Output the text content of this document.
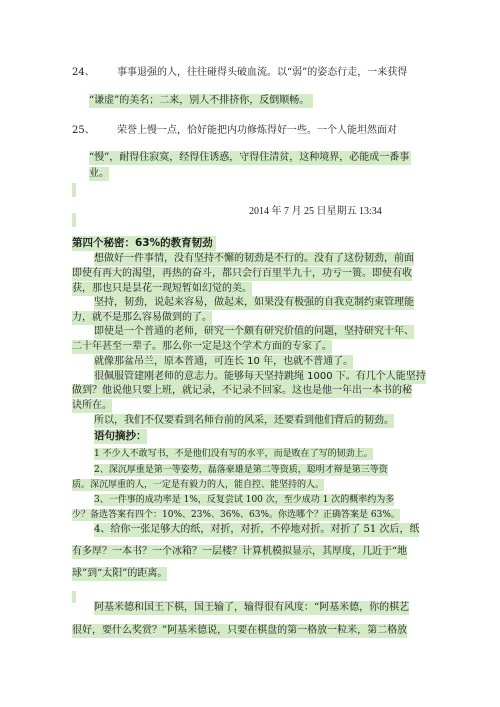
24、 事事退强的人，往往碰得头破血流。以“弱”的姿态行走，一来获得
“谦虚”的美名；二来，别人不排挤你，反倒顺畅。
25、 荣誉上慢一点，恰好能把内功修炼得好一些。一个人能坦然面对
“慢”，耐得住寂寞，经得住诱惑，守得住清贫，这种境界，必能成一番事
业。
2014 年 7 月 25 日星期五 13:34
第四个秘密：63%的教育韧劲
想做好一件事情，没有坚持不懈的韧劲是不行的。没有了这份韧劲，前面
即使有再大的渴望，再热的奋斗，都只会行百里半九十，功亏一篑。即使有收
获，那也只是昙花一现短暂如幻觉的美。
坚持，韧劲，说起来容易，做起来，如果没有极强的自我克制约束管理能
力，就不是那么容易做到的了。
即使是一个普通的老师，研究一个颇有研究价值的问题，坚持研究十年、
二十年甚至一辈子。那么你一定是这个学术方面的专家了。
就像那盆吊兰，原本普通，可连长 10 年，也就不普通了。
很佩服管建刚老师的意志力。能够每天坚持跳绳 1000 下。有几个人能坚持
做到？他说他只要上班，就记录，不记录不回家。这也是他一年出一本书的秘
诀所在。
所以，我们不仅要看到名师台前的风采，还要看到他们背后的韧劲。
语句摘抄：
1 不少人不敢写书，不是他们没有写的水平，而是败在了写的韧劲上。
2、深沉厚重是第一等姿势，磊落豪雄是第二等资质，聪明才辩是第三等资
质。深沉厚重的人，一定是有毅力的人，能自控、能坚持的人。
3、一件事的成功率是 1%，反复尝试 100 次，至少成功 1 次的概率约为多
少？备选答案有四个：10%、23%、36%、63%。你选哪个？正确答案是 63%。
4、给你一张足够大的纸，对折，对折，不停地对折。对折了 51 次后，纸
有多厚？一本书？一个冰箱？一层楼？计算机模拟显示，其厚度，几近于“地
球”到“太阳”的距离。
阿基米德和国王下棋，国王输了，输得很有风度：“阿基米德，你的棋艺
很好，要什么奖赏？”阿基米德说，只要在棋盘的第一格放一粒米，第二格放
